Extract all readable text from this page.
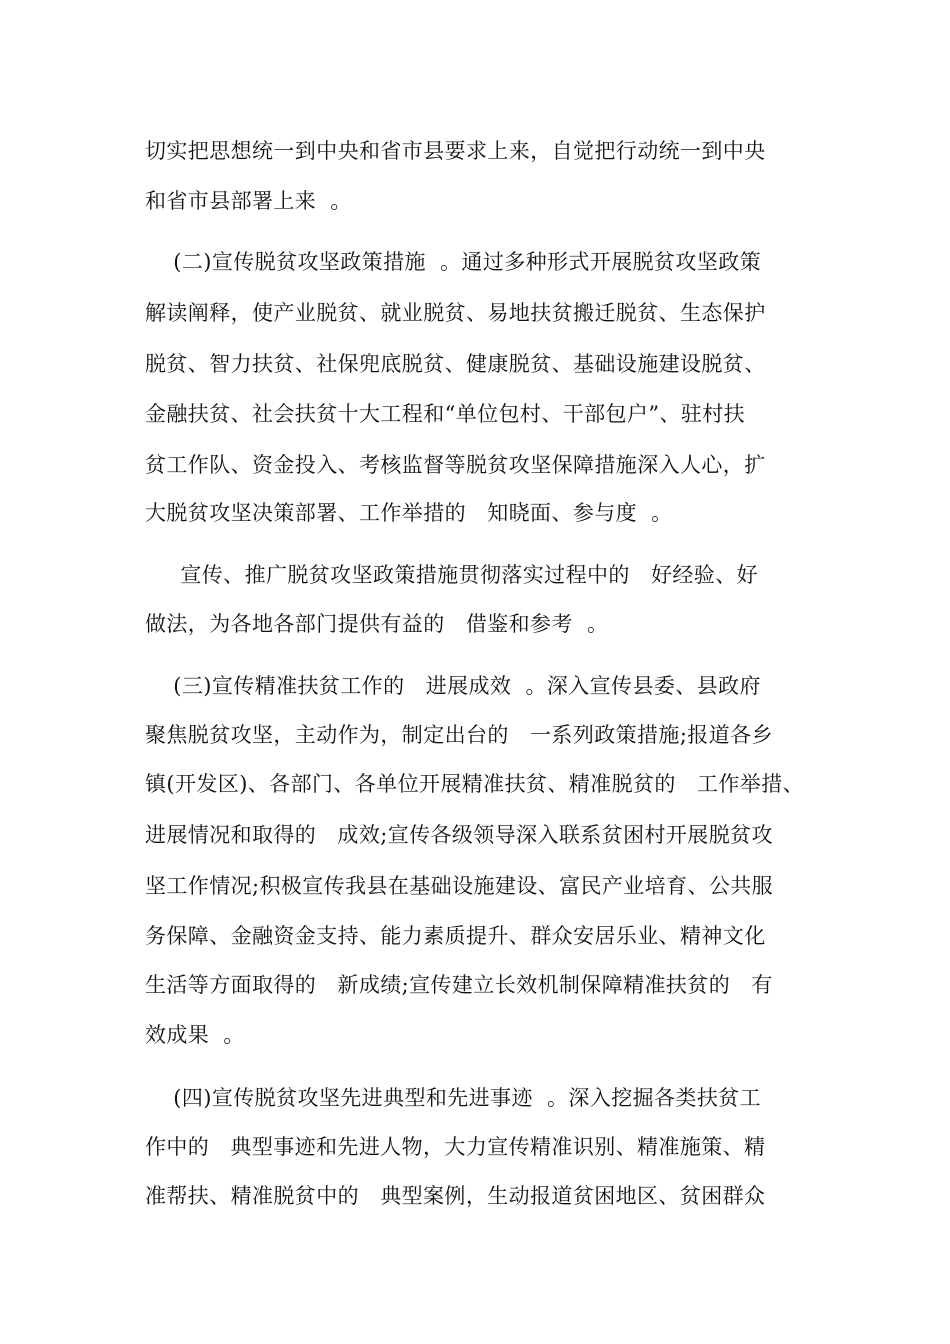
切实把思想统一到中央和省市县要求上来，自觉把行动统一到中央
和省市县部署上来  。
(二)宣传脱贫攻坚政策措施  。通过多种形式开展脱贫攻坚政策
解读阐释，使产业脱贫、就业脱贫、易地扶贫搬迁脱贫、生态保护
脱贫、智力扶贫、社保兜底脱贫、健康脱贫、基础设施建设脱贫、
金融扶贫、社会扶贫十大工程和“单位包村、干部包户”、驻村扶
贫工作队、资金投入、考核监督等脱贫攻坚保障措施深入人心，扩
大脱贫攻坚决策部署、工作举措的   知晓面、参与度  。
宣传、推广脱贫攻坚政策措施贯彻落实过程中的   好经验、好
做法，为各地各部门提供有益的   借鉴和参考  。
(三)宣传精准扶贫工作的   进展成效  。深入宣传县委、县政府
聚焦脱贫攻坚，主动作为，制定出台的   一系列政策措施;报道各乡
镇(开发区)、各部门、各单位开展精准扶贫、精准脱贫的   工作举措、
进展情况和取得的   成效;宣传各级领导深入联系贫困村开展脱贫攻
坚工作情况;积极宣传我县在基础设施建设、富民产业培育、公共服
务保障、金融资金支持、能力素质提升、群众安居乐业、精神文化
生活等方面取得的   新成绩;宣传建立长效机制保障精准扶贫的   有
效成果  。
(四)宣传脱贫攻坚先进典型和先进事迹  。深入挖掘各类扶贫工
作中的   典型事迹和先进人物，大力宣传精准识别、精准施策、精
准帮扶、精准脱贫中的   典型案例，生动报道贫困地区、贫困群众
